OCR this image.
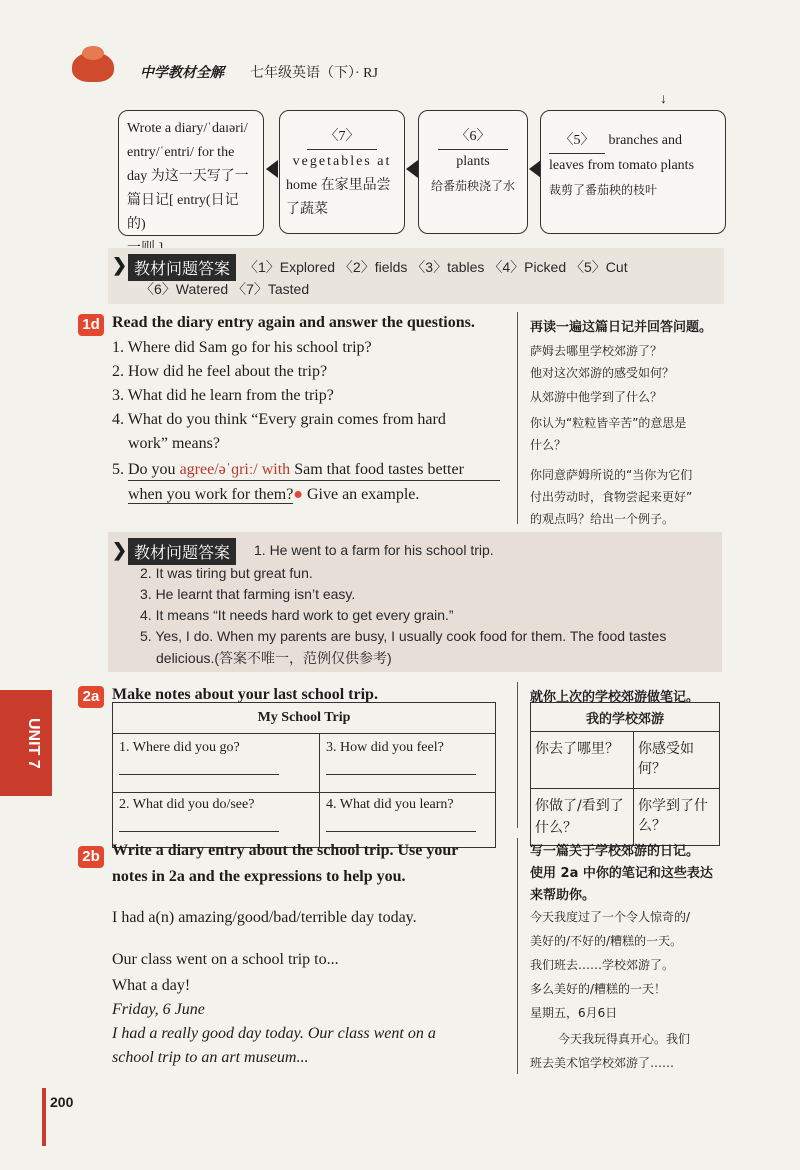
中学教材全解 七年级英语（下）· RJ
↓
Wrote a diary/ˈdaɪəri/
entry/ˈentri/ for the
day 为这一天写了一
篇日记[ entry(日记的)
〈7〉
vegetables at
home 在家里品尝
了蔬菜
〈6〉
plants
给番茄秧浇了水
〈5〉 branches and
leaves from tomato plants
裁剪了番茄秧的枝叶
❯ 教材问题答案 〈1〉Explored 〈2〉fields 〈3〉tables 〈4〉Picked 〈5〉Cut
〈6〉Watered 〈7〉Tasted
1d Read the diary entry again and answer the questions.	再读一遍这篇日记并回答问题。
1. Where did Sam go for his school trip?
2. How did he feel about the trip?
3. What did he learn from the trip?
4. What do you think “Every grain comes from hard
work” means?
5. Do you agree/əˈɡriː/ with Sam that food tastes better
when you work for them?● Give an example.
萨姆去哪里学校郊游了？
他对这次郊游的感受如何？
从郊游中他学到了什么？
你认为“粒粒皆辛苦”的意思是
什么？
你同意萨姆所说的“当你为它们
付出劳动时，食物尝起来更好”
的观点吗？给出一个例子。
❯ 教材问题答案	1. He went to a farm for his school trip.
2. It was tiring but great fun.
3. He learnt that farming isn’t easy.
4. It means “It needs hard work to get every grain.”
5. Yes, I do. When my parents are busy, I usually cook food for them. The food tastes
delicious.(答案不唯一，范例仅供参考)
UNIT 7
2a Make notes about your last school trip.	就你上次的学校郊游做笔记。
My School Trip	

1. Where did you go?	3. How did you feel?

2. What did you do/see?	4. What did you learn?
我的学校郊游	
你去了哪里？	你感受如何？
你做了/看到了什么？	你学到了什么？
2b Write a diary entry about the school trip. Use your
notes in 2a and the expressions to help you.
I had a(n) amazing/good/bad/terrible day today.
Our class went on a school trip to...
What a day!
Friday, 6 June
I had a really good day today. Our class went on a
school trip to an art museum...
写一篇关于学校郊游的日记。
使用 2a 中你的笔记和这些表达
来帮助你。
今天我度过了一个令人惊奇的/
美好的/不好的/糟糕的一天。
我们班去……学校郊游了。
多么美好的/糟糕的一天！
星期五，6月6日
今天我玩得真开心。我们
班去美术馆学校郊游了……
200
